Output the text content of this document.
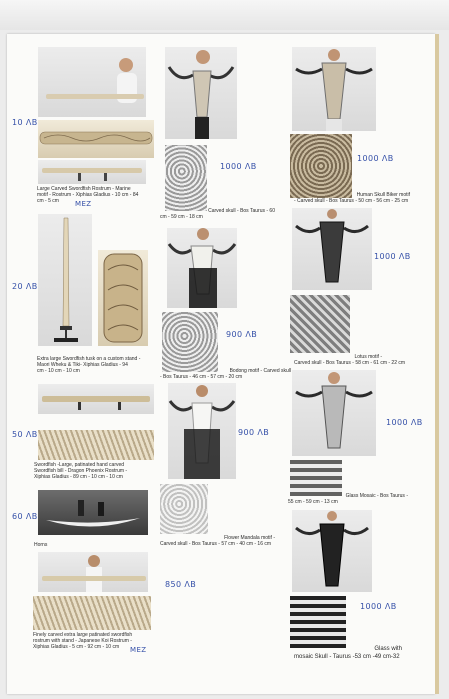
Large Carved Swordfish Rostrum - Marine
motif - Rostrum - Xiphias Gladius - 10 cm - 84
cm - 5 cm
10 ΛB
MEZ
Extra large Swordfish tusk on a custom stand -
Maori Wheku & Tiki- Xiphias Gladius - 94
cm - 10 cm - 10 cm
20 ΛB
Swordfish -Large, patinated hand carved
Swordfish bill - Dragon Phoenix Rostrum -
Xiphias Gladius - 89 cm - 10 cm - 10 cm
50 ΛB
Horns
60 ΛB
Finely carved extra large patinated swordfish
rostrum with stand - Japanese Koi Rostrum -
Xiphias Gladius - 5 cm - 92 cm - 10 cm	MEZ
Carved skull - Bos Taurus - 60
cm - 59 cm - 18 cm
1000 ΛB
Bodong motif - Carved skull
- Bos Taurus - 46 cm - 57 cm - 20 cm
900 ΛB
Flower Mandala motif -
Carved skull - Bos Taurus - 57 cm - 40 cm - 16 cm
900 ΛB
850 ΛB
Human Skull Biker motif
- Carved skull - Bos Taurus - 50 cm - 56 cm - 25 cm
1000 ΛB
Lotus motif -
Carved skull - Bos Taurus - 58 cm - 61 cm - 22 cm
1000 ΛB
Glass Mosaic - Bos Taurus -
55 cm - 59 cm - 13 cm
1000 ΛB
Glass with
mosaic Skull - Taurus -53 cm -49 cm-32
1000 ΛB
